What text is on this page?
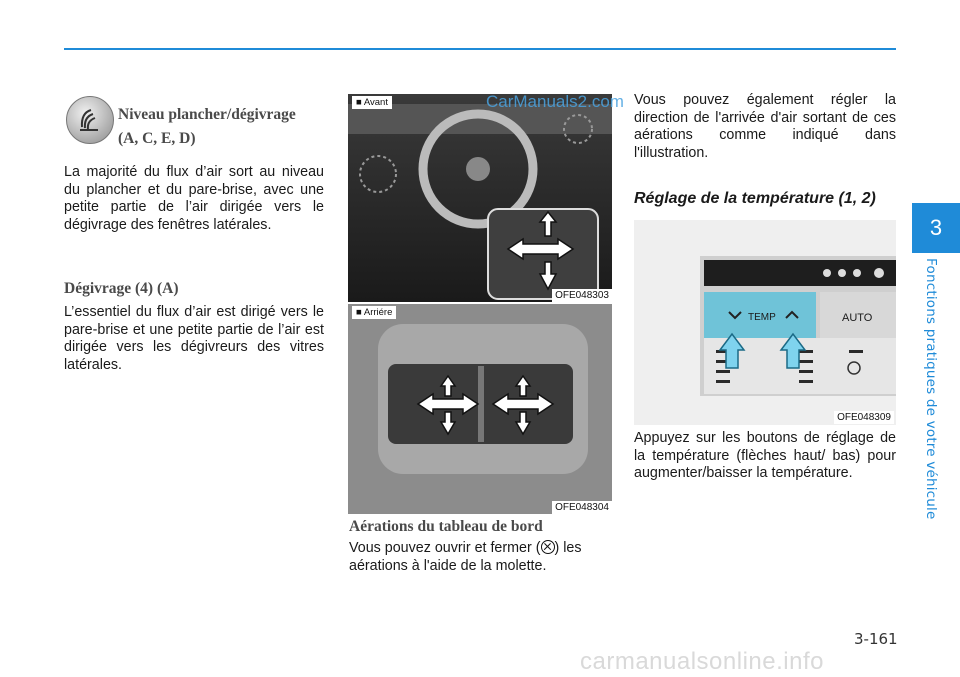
3
Fonctions pratiques de votre véhicule
Niveau plancher/dégivrage
(A, C, E, D)
La majorité du flux d’air sort au niveau du plancher et du pare-brise, avec une petite partie de l’air dirigée vers le dégivrage des fenêtres latérales.
Dégivrage (4) (A)
L’essentiel du flux d’air est dirigé vers le pare-brise et une petite partie de l’air est dirigée vers les dégivreurs des vitres latérales.
■ Avant
OFE048303
CarManuals2.com
■ Arriére
OFE048304
Aérations du tableau de bord
Vous pouvez ouvrir et fermer ( ) les aérations à l'aide de la molette.
Vous pouvez également régler la direction de l'arrivée d'air sortant de ces aérations comme indiqué dans l'illustration.
Réglage de la température (1, 2)
TEMP	AUTO
OFE048309
Appuyez sur les boutons de réglage de la température (flèches haut/ bas) pour augmenter/baisser la température.
3-161
carmanualsonline.info
